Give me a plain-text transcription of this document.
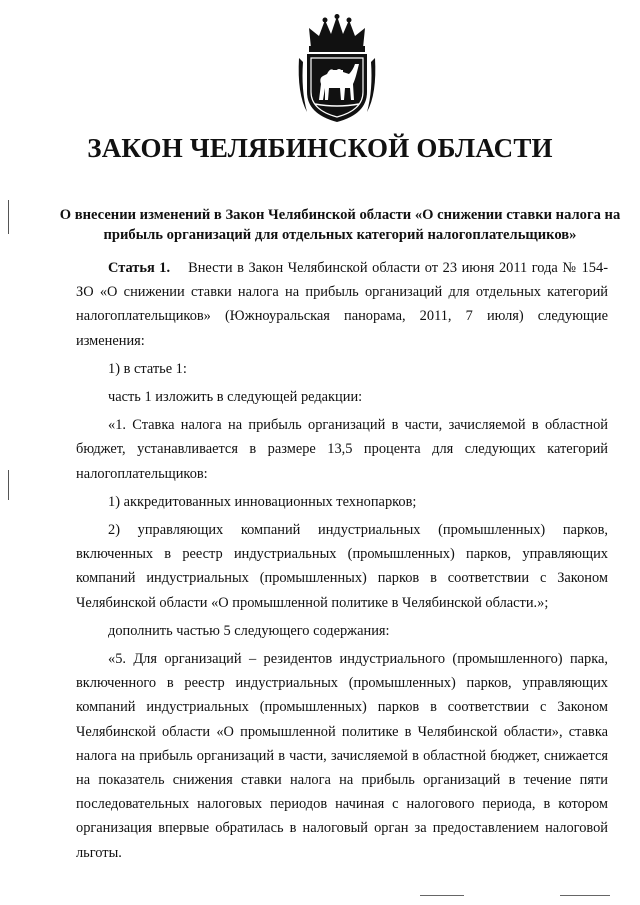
ЗАКОН ЧЕЛЯБИНСКОЙ ОБЛАСТИ
О внесении изменений в Закон Челябинской области «О снижении ставки налога на прибыль организаций для отдельных категорий налогоплательщиков»

Статья 1. Внести в Закон Челябинской области от 23 июня 2011 года № 154-ЗО «О снижении ставки налога на прибыль организаций для отдельных категорий налогоплательщиков» (Южноуральская панорама, 2011, 7 июля) следующие изменения:

1) в статье 1:

часть 1 изложить в следующей редакции:

«1. Ставка налога на прибыль организаций в части, зачисляемой в областной бюджет, устанавливается в размере 13,5 процента для следующих категорий налогоплательщиков:

1) аккредитованных инновационных технопарков;

2) управляющих компаний индустриальных (промышленных) парков, включенных в реестр индустриальных (промышленных) парков, управляющих компаний индустриальных (промышленных) парков в соответствии с Законом Челябинской области «О промышленной политике в Челябинской области.»;

дополнить частью 5 следующего содержания:

«5. Для организаций – резидентов индустриального (промышленного) парка, включенного в реестр индустриальных (промышленных) парков, управляющих компаний индустриальных (промышленных) парков в соответствии с Законом Челябинской области «О промышленной политике в Челябинской области», ставка налога на прибыль организаций в части, зачисляемой в областной бюджет, снижается на показатель снижения ставки налога на прибыль организаций в течение пяти последовательных налоговых периодов начиная с налогового периода, в котором организация впервые обратилась в налоговый орган за предоставлением налоговой льготы.
